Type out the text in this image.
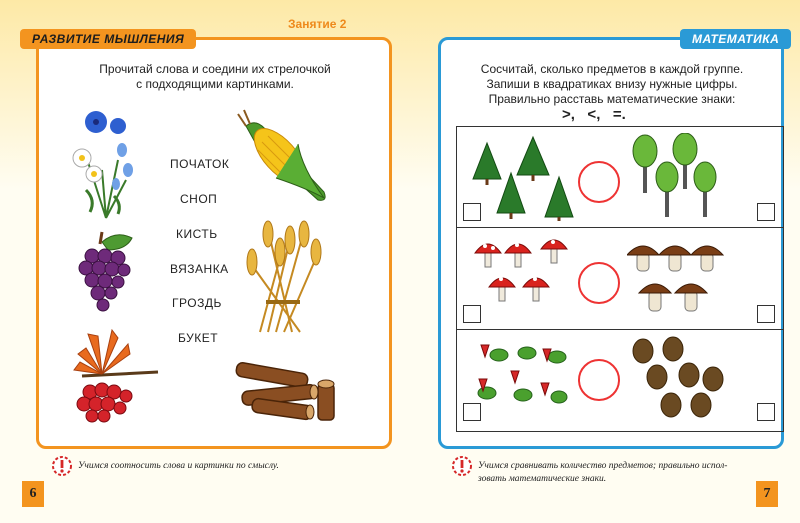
Занятие 2
РАЗВИТИЕ МЫШЛЕНИЯ
Прочитай слова и соедини их стрелочкой
с подходящими картинками.
ПОЧАТОК
СНОП
КИСТЬ
ВЯЗАНКА
ГРОЗДЬ
БУКЕТ
МАТЕМАТИКА
Сосчитай, сколько предметов в каждой группе.
Запиши в квадратиках внизу нужные цифры.
Правильно расставь математические знаки:
>,   <,   =.
Учимся соотносить слова и картинки по смыслу.	Учимся сравнивать количество предметов; правильно испол-
зовать математические знаки.
6	7
